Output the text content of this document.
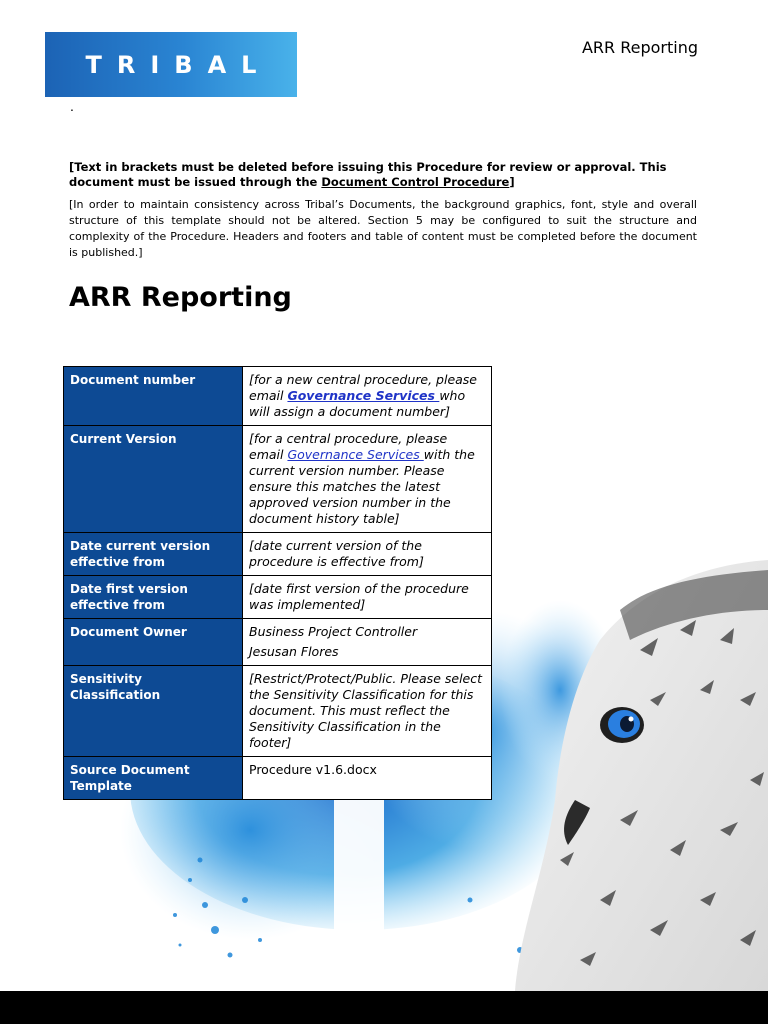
TRIBAL
ARR Reporting
.
[Text in brackets must be deleted before issuing this Procedure for review or approval. This document must be issued through the Document Control Procedure]
[In order to maintain consistency across Tribal’s Documents, the background graphics, font, style and overall structure of this template should not be altered. Section 5 may be configured to suit the structure and complexity of the Procedure. Headers and footers and table of content must be completed before the document is published.]
ARR Reporting
Document number	[for a new central procedure, please email Governance Services who will assign a document number]
Current Version	[for a central procedure, please email Governance Services with the current version number. Please ensure this matches the latest approved version number in the document history table]
Date current version effective from	[date current version of the procedure is effective from]
Date first version effective from	[date first version of the procedure was implemented]
Document Owner	Business Project Controller
Jesusan Flores

Sensitivity Classification	[Restrict/Protect/Public. Please select the Sensitivity Classification for this document. This must reflect the Sensitivity Classification in the footer]
Source Document Template	Procedure v1.6.docx
